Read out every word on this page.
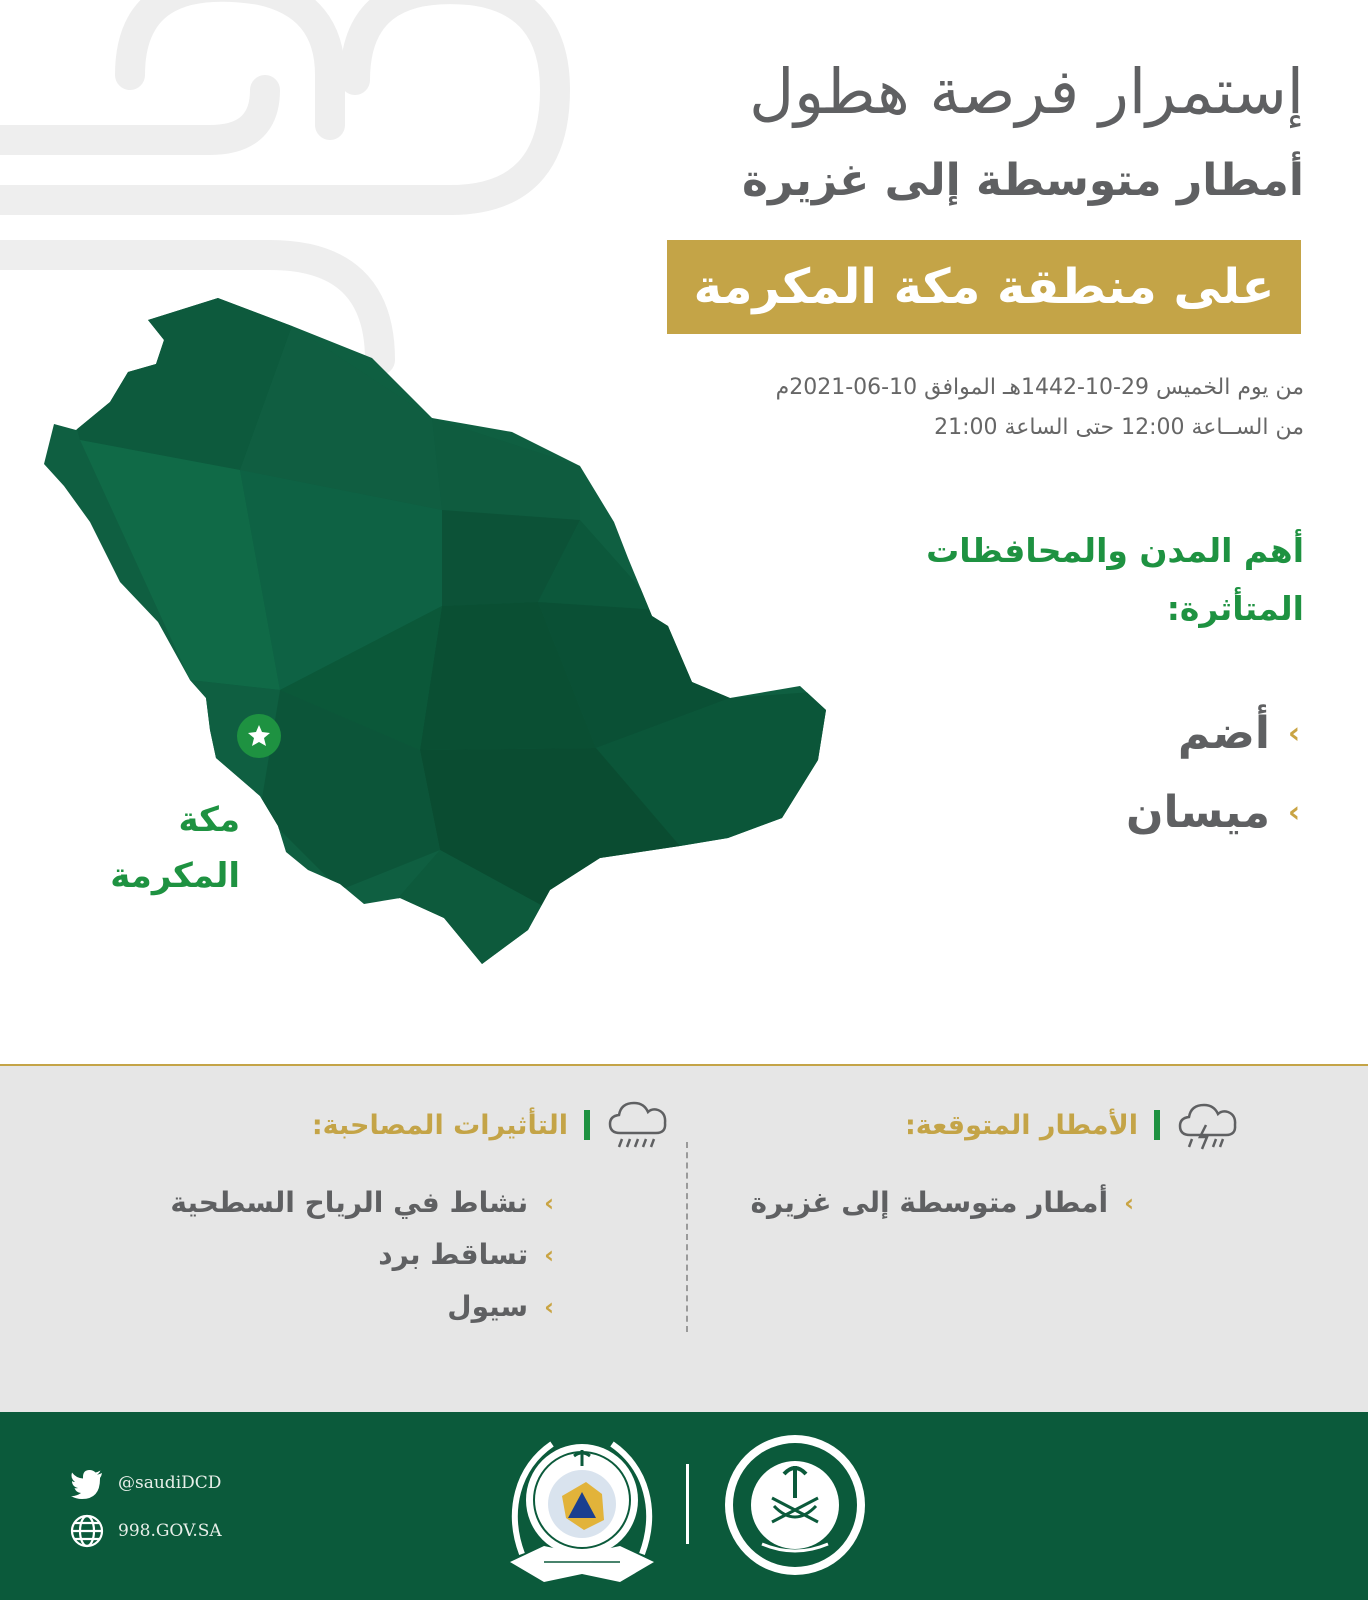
إستمرار فرصة هطول
أمطار متوسطة إلى غزيرة
على منطقة مكة المكرمة
من يوم الخميس 29-10-1442هـ الموافق 10-06-2021م
من الســاعة 12:00 حتى الساعة 21:00
أهم المدن والمحافظات
المتأثرة:
‹
أضم
‹
ميسان
مكة
المكرمة
الأمطار المتوقعة:
‹
أمطار متوسطة إلى غزيرة
التأثيرات المصاحبة:
‹
نشاط في الرياح السطحية
‹
تساقط برد
‹
سيول
@saudiDCD
998.GOV.SA
